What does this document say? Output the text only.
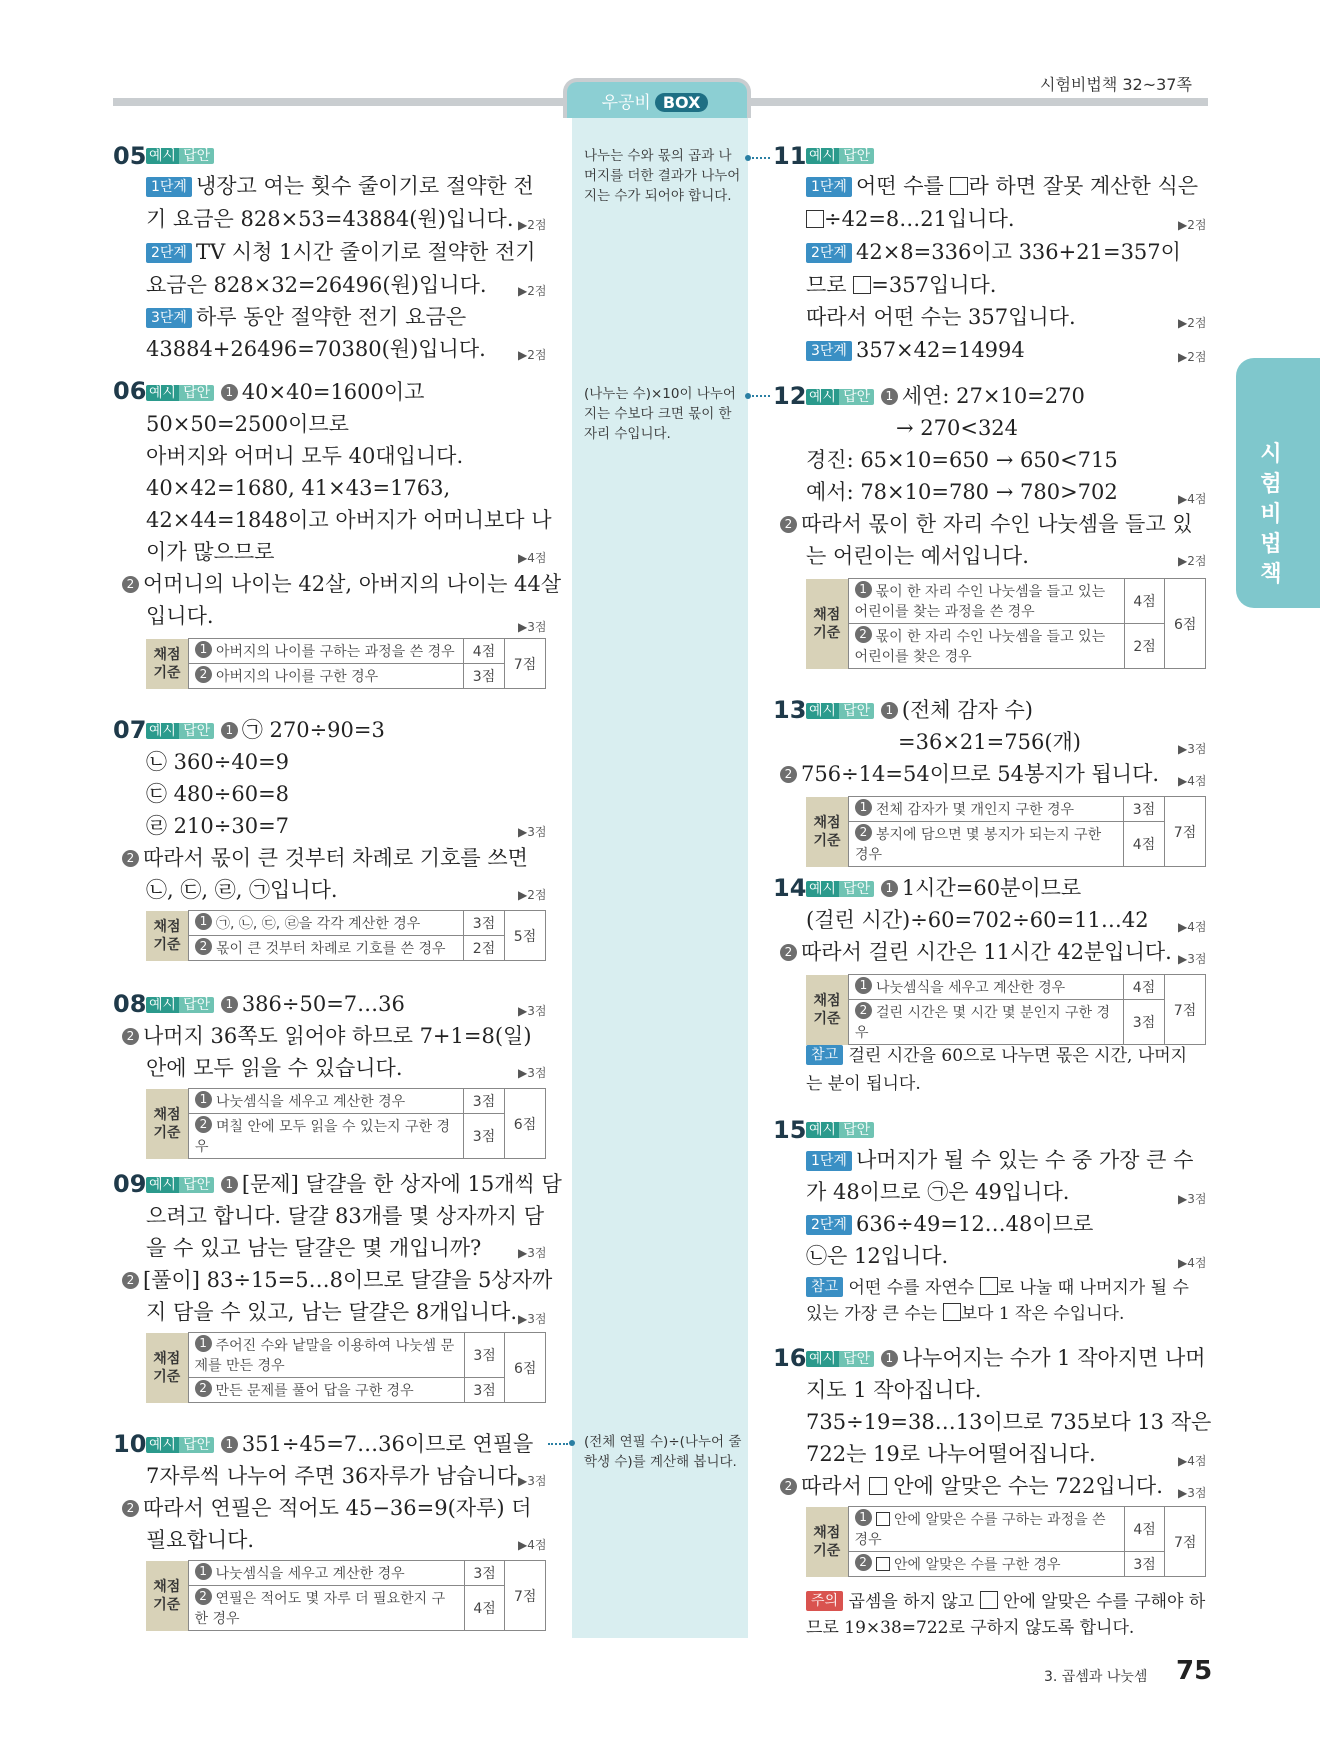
우공비 BOX
시험비법책 32~37쪽
시
험
비
법
책
나누는 수와 몫의 곱과 나머지를 더한 결과가 나누어지는 수가 되어야 합니다.
(나누는 수)×10이 나누어지는 수보다 크면 몫이 한 자리 수입니다.
(전체 연필 수)÷(나누어 줄 학생 수)를 계산해 봅니다.
05 예시 답안
1단계 냉장고 여는 횟수 줄이기로 절약한 전
기 요금은 828×53=43884(원)입니다. ▶2점
2단계 TV 시청 1시간 줄이기로 절약한 전기
요금은 828×32=26496(원)입니다.	▶2점
3단계 하루 동안 절약한 전기 요금은
43884+26496=70380(원)입니다.	▶2점
06 예시 답안 1 40×40=1600이고
50×50=2500이므로
아버지와 어머니 모두 40대입니다.
40×42=1680, 41×43=1763,
42×44=1848이고 아버지가 어머니보다 나
이가 많으므로	▶4점
2 어머니의 나이는 42살, 아버지의 나이는 44살
입니다.	▶3점
채점
기준	1 아버지의 나이를 구하는 과정을 쓴 경우	4점	7점
	2 아버지의 나이를 구한 경우	3점	
07 예시 답안 1 ㉠ 270÷90=3
㉡ 360÷40=9
㉢ 480÷60=8
㉣ 210÷30=7	▶3점
2 따라서 몫이 큰 것부터 차례로 기호를 쓰면
㉡, ㉢, ㉣, ㉠입니다.	▶2점
채점
기준	1 ㉠, ㉡, ㉢, ㉣을 각각 계산한 경우	3점	5점
	2 몫이 큰 것부터 차례로 기호를 쓴 경우	2점	
08 예시 답안 1 386÷50=7…36	▶3점
2 나머지 36쪽도 읽어야 하므로 7+1=8(일)
안에 모두 읽을 수 있습니다.	▶3점
채점
기준	1 나눗셈식을 세우고 계산한 경우	3점	6점
	2 며칠 안에 모두 읽을 수 있는지 구한 경우	3점	
09 예시 답안 1 [문제] 달걀을 한 상자에 15개씩 담
으려고 합니다. 달걀 83개를 몇 상자까지 담
을 수 있고 남는 달걀은 몇 개입니까?	▶3점
2 [풀이] 83÷15=5…8이므로 달걀을 5상자까
지 담을 수 있고, 남는 달걀은 8개입니다. ▶3점
채점
기준	1 주어진 수와 낱말을 이용하여 나눗셈 문제를 만든 경우	3점	6점
	2 만든 문제를 풀어 답을 구한 경우	3점	
10 예시 답안 1 351÷45=7…36이므로 연필을
7자루씩 나누어 주면 36자루가 남습니다.
▶3점
2 따라서 연필은 적어도 45−36=9(자루) 더
필요합니다.	▶4점
채점
기준	1 나눗셈식을 세우고 계산한 경우	3점	7점
	2 연필은 적어도 몇 자루 더 필요한지 구한 경우	4점	
11 예시 답안
1단계 어떤 수를 라 하면 잘못 계산한 식은
÷42=8…21입니다.	▶2점
2단계 42×8=336이고 336+21=357이
므로 =357입니다.
따라서 어떤 수는 357입니다.	▶2점
3단계 357×42=14994	▶2점
12 예시 답안 1 세연: 27×10=270
→ 270<324
경진: 65×10=650 → 650<715
예서: 78×10=780 → 780>702	▶4점
2 따라서 몫이 한 자리 수인 나눗셈을 들고 있
는 어린이는 예서입니다.	▶2점
채점
기준	1 몫이 한 자리 수인 나눗셈을 들고 있는 어린이를 찾는 과정을 쓴 경우	4점	6점
	2 몫이 한 자리 수인 나눗셈을 들고 있는 어린이를 찾은 경우	2점	
13 예시 답안 1 (전체 감자 수)
=36×21=756(개)	▶3점
2 756÷14=54이므로 54봉지가 됩니다. ▶4점
채점
기준	1 전체 감자가 몇 개인지 구한 경우	3점	7점
	2 봉지에 담으면 몇 봉지가 되는지 구한 경우	4점	
14 예시 답안 1 1시간=60분이므로
(걸린 시간)÷60=702÷60=11…42 ▶4점
2 따라서 걸린 시간은 11시간 42분입니다. ▶3점
채점
기준	1 나눗셈식을 세우고 계산한 경우	4점	7점
	2 걸린 시간은 몇 시간 몇 분인지 구한 경우	3점	
참고 걸린 시간을 60으로 나누면 몫은 시간, 나머지
는 분이 됩니다.
15 예시 답안
1단계 나머지가 될 수 있는 수 중 가장 큰 수
가 48이므로 ㉠은 49입니다.	▶3점
2단계 636÷49=12…48이므로
㉡은 12입니다.	▶4점
참고 어떤 수를 자연수 로 나눌 때 나머지가 될 수
있는 가장 큰 수는 보다 1 작은 수입니다.
16 예시 답안 1 나누어지는 수가 1 작아지면 나머
지도 1 작아집니다.
735÷19=38…13이므로 735보다 13 작은
722는 19로 나누어떨어집니다.	▶4점
2 따라서 안에 알맞은 수는 722입니다. ▶3점
채점
기준	1 안에 알맞은 수를 구하는 과정을 쓴 경우	4점	7점
	2 안에 알맞은 수를 구한 경우	3점	
주의 곱셈을 하지 않고 안에 알맞은 수를 구해야 하
므로 19×38=722로 구하지 않도록 합니다.
3. 곱셈과 나눗셈 75
